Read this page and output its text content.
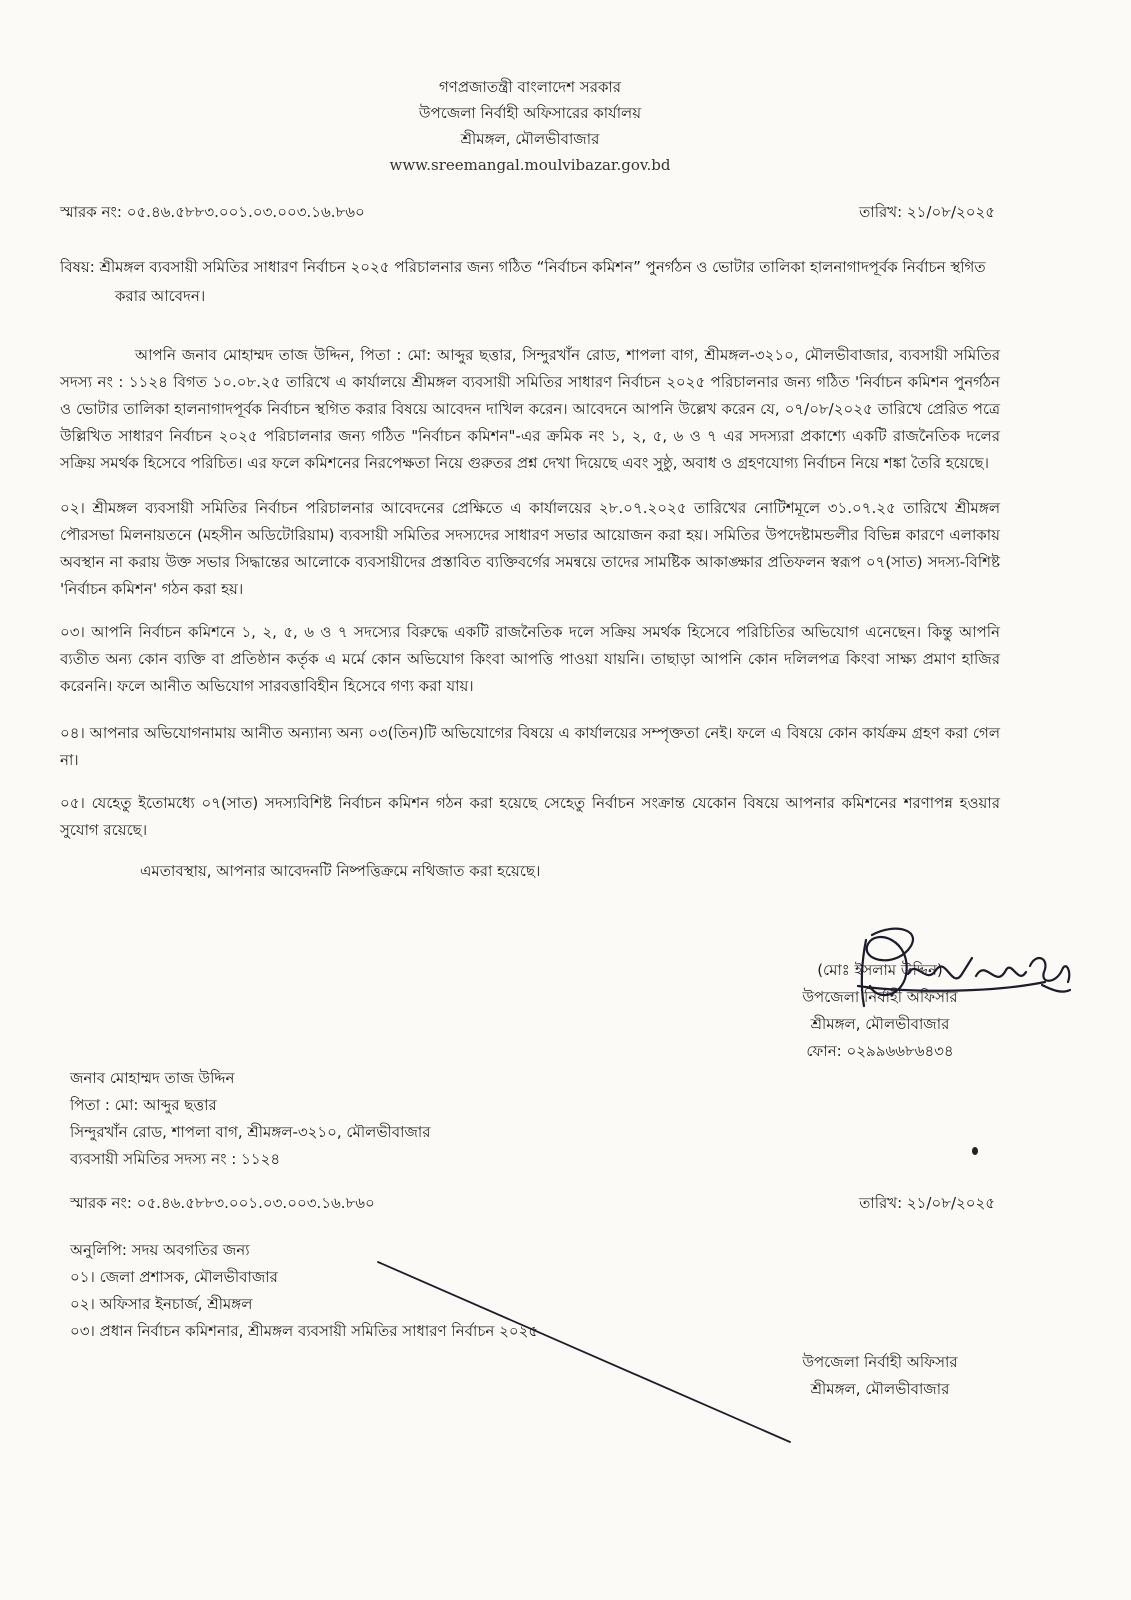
গণপ্রজাতন্ত্রী বাংলাদেশ সরকার
উপজেলা নির্বাহী অফিসারের কার্যালয়
শ্রীমঙ্গল, মৌলভীবাজার
www.sreemangal.moulvibazar.gov.bd
স্মারক নং: ০৫.৪৬.৫৮৮৩.০০১.০৩.০০৩.১৬.৮৬০	তারিখ: ২১/০৮/২০২৫
বিষয়: শ্রীমঙ্গল ব্যবসায়ী সমিতির সাধারণ নির্বাচন ২০২৫ পরিচালনার জন্য গঠিত “নির্বাচন কমিশন” পুনর্গঠন ও ভোটার তালিকা হালনাগাদপূর্বক নির্বাচন স্থগিত করার আবেদন।

আপনি জনাব মোহাম্মদ তাজ উদ্দিন, পিতা : মো: আব্দুর ছত্তার, সিন্দুরখাঁন রোড, শাপলা বাগ, শ্রীমঙ্গল-৩২১০, মৌলভীবাজার, ব্যবসায়ী সমিতির সদস্য নং : ১১২৪ বিগত ১০.০৮.২৫ তারিখে এ কার্যালয়ে শ্রীমঙ্গল ব্যবসায়ী সমিতির সাধারণ নির্বাচন ২০২৫ পরিচালনার জন্য গঠিত 'নির্বাচন কমিশন পুনর্গঠন ও ভোটার তালিকা হালনাগাদপূর্বক নির্বাচন স্থগিত করার বিষয়ে আবেদন দাখিল করেন। আবেদনে আপনি উল্লেখ করেন যে, ০৭/০৮/২০২৫ তারিখে প্রেরিত পত্রে উল্লিখিত সাধারণ নির্বাচন ২০২৫ পরিচালনার জন্য গঠিত "নির্বাচন কমিশন"-এর ক্রমিক নং ১, ২, ৫, ৬ ও ৭ এর সদস্যরা প্রকাশ্যে একটি রাজনৈতিক দলের সক্রিয় সমর্থক হিসেবে পরিচিত। এর ফলে কমিশনের নিরপেক্ষতা নিয়ে গুরুতর প্রশ্ন দেখা দিয়েছে এবং সুষ্ঠু, অবাধ ও গ্রহণযোগ্য নির্বাচন নিয়ে শঙ্কা তৈরি হয়েছে।

০২। শ্রীমঙ্গল ব্যবসায়ী সমিতির নির্বাচন পরিচালনার আবেদনের প্রেক্ষিতে এ কার্যালয়ের ২৮.০৭.২০২৫ তারিখের নোটিশমূলে ৩১.০৭.২৫ তারিখে শ্রীমঙ্গল পৌরসভা মিলনায়তনে (মহসীন অডিটোরিয়াম) ব্যবসায়ী সমিতির সদস্যদের সাধারণ সভার আয়োজন করা হয়। সমিতির উপদেষ্টামন্ডলীর বিভিন্ন কারণে এলাকায় অবস্থান না করায় উক্ত সভার সিদ্ধান্তের আলোকে ব্যবসায়ীদের প্রস্তাবিত ব্যক্তিবর্গের সমন্বয়ে তাদের সামষ্টিক আকাঙ্ক্ষার প্রতিফলন স্বরূপ ০৭(সাত) সদস্য-বিশিষ্ট 'নির্বাচন কমিশন' গঠন করা হয়।

০৩। আপনি নির্বাচন কমিশনে ১, ২, ৫, ৬ ও ৭ সদস্যের বিরুদ্ধে একটি রাজনৈতিক দলে সক্রিয় সমর্থক হিসেবে পরিচিতির অভিযোগ এনেছেন। কিন্তু আপনি ব্যতীত অন্য কোন ব্যক্তি বা প্রতিষ্ঠান কর্তৃক এ মর্মে কোন অভিযোগ কিংবা আপত্তি পাওয়া যায়নি। তাছাড়া আপনি কোন দলিলপত্র কিংবা সাক্ষ্য প্রমাণ হাজির করেননি। ফলে আনীত অভিযোগ সারবত্তাবিহীন হিসেবে গণ্য করা যায়।

০৪। আপনার অভিযোগনামায় আনীত অন্যান্য অন্য ০৩(তিন)টি অভিযোগের বিষয়ে এ কার্যালয়ের সম্পৃক্ততা নেই। ফলে এ বিষয়ে কোন কার্যক্রম গ্রহণ করা গেল না।

০৫। যেহেতু ইতোমধ্যে ০৭(সাত) সদস্যবিশিষ্ট নির্বাচন কমিশন গঠন করা হয়েছে সেহেতু নির্বাচন সংক্রান্ত যেকোন বিষয়ে আপনার কমিশনের শরণাপন্ন হওয়ার সুযোগ রয়েছে।

এমতাবস্থায়, আপনার আবেদনটি নিষ্পত্তিক্রমে নথিজাত করা হয়েছে।
(মোঃ ইসলাম উদ্দিন)
উপজেলা নির্বাহী অফিসার
শ্রীমঙ্গল, মৌলভীবাজার
ফোন: ০২৯৯৬৬৮৬৪৩৪
জনাব মোহাম্মদ তাজ উদ্দিন
পিতা : মো: আব্দুর ছত্তার
সিন্দুরখাঁন রোড, শাপলা বাগ, শ্রীমঙ্গল-৩২১০, মৌলভীবাজার
ব্যবসায়ী সমিতির সদস্য নং : ১১২৪
স্মারক নং: ০৫.৪৬.৫৮৮৩.০০১.০৩.০০৩.১৬.৮৬০	তারিখ: ২১/০৮/২০২৫
অনুলিপি: সদয় অবগতির জন্য
০১। জেলা প্রশাসক, মৌলভীবাজার
০২। অফিসার ইনচার্জ, শ্রীমঙ্গল
০৩। প্রধান নির্বাচন কমিশনার, শ্রীমঙ্গল ব্যবসায়ী সমিতির সাধারণ নির্বাচন ২০২৫
উপজেলা নির্বাহী অফিসার
শ্রীমঙ্গল, মৌলভীবাজার
